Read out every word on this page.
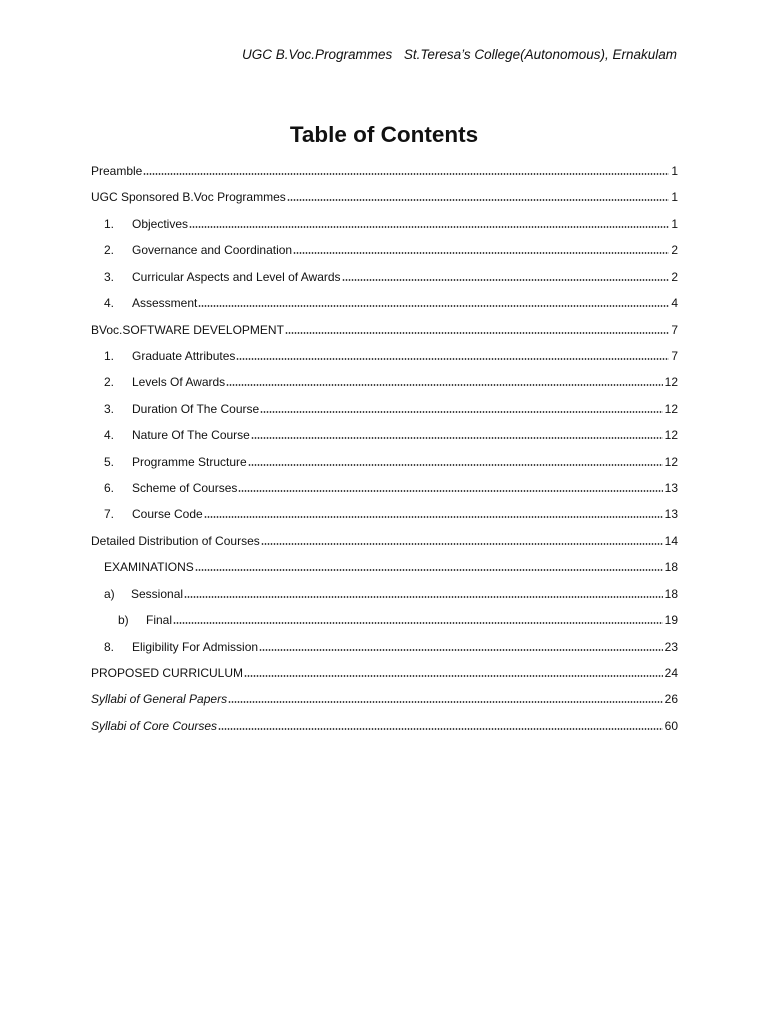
UGC B.Voc.Programmes St.Teresa’s College(Autonomous), Ernakulam
Table of Contents
Preamble	1
UGC Sponsored B.Voc Programmes	1
1.	Objectives	1
2.	Governance and Coordination	2
3.	Curricular Aspects and Level of Awards	2
4.	Assessment	4
BVoc.SOFTWARE DEVELOPMENT	7
1.	Graduate Attributes	7
2.	Levels Of Awards	12
3.	Duration Of The Course	12
4.	Nature Of The Course	12
5.	Programme Structure	12
6.	Scheme of Courses	13
7.	Course Code	13
Detailed Distribution of Courses	14
EXAMINATIONS	18
a)	Sessional	18
b)	Final	19
8.	Eligibility For Admission	23
PROPOSED CURRICULUM	24
Syllabi of General Papers	26
Syllabi of Core Courses	60
